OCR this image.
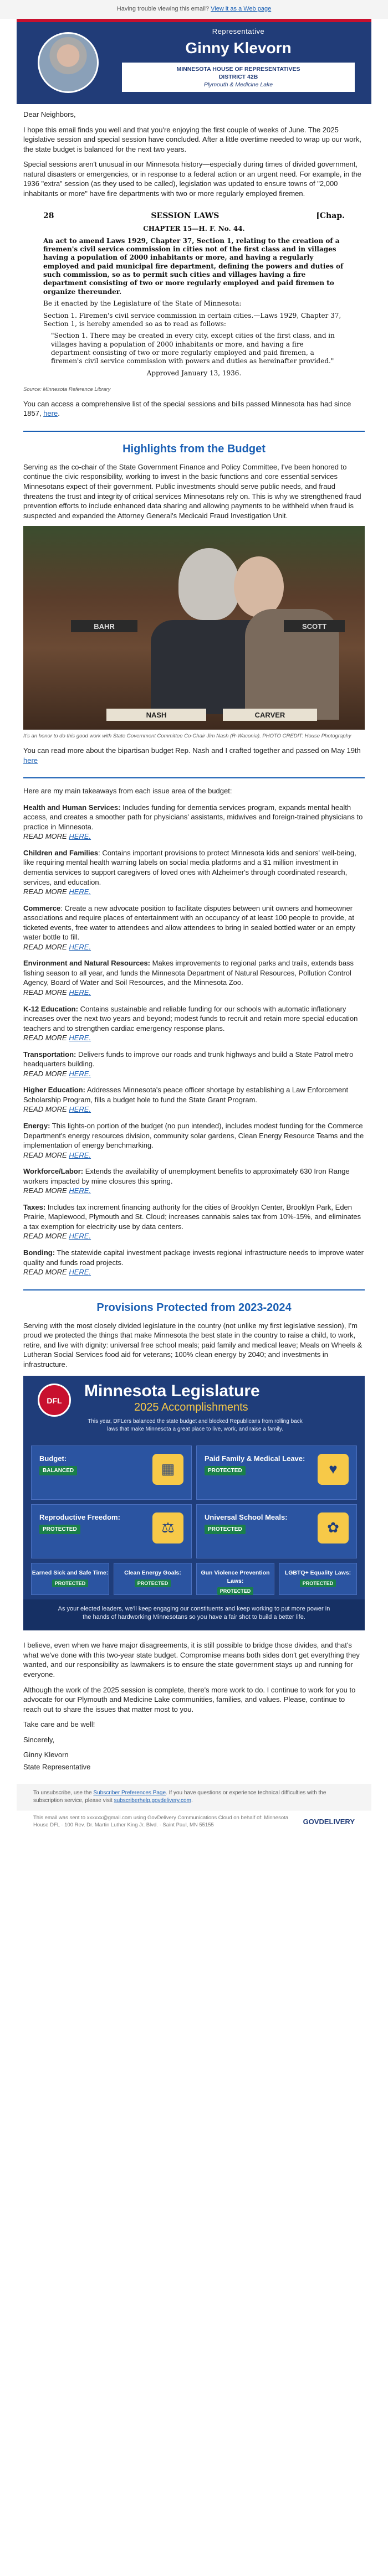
Having trouble viewing this email? View it as a Web page
Representative
Ginny Klevorn
MINNESOTA HOUSE OF REPRESENTATIVES
DISTRICT 42B
Plymouth & Medicine Lake

Dear Neighbors,

I hope this email finds you well and that you're enjoying the first couple of weeks of June. The 2025 legislative session and special session have concluded. After a little overtime needed to wrap up our work, the state budget is balanced for the next two years.

Special sessions aren't unusual in our Minnesota history—especially during times of divided government, natural disasters or emergencies, or in response to a federal action or an urgent need. For example, in the 1936 "extra" session (as they used to be called), legislation was updated to ensure towns of "2,000 inhabitants or more" have fire departments with two or more regularly employed firemen.

28	SESSION LAWS	[Chap.
CHAPTER 15—H. F. No. 44.
An act to amend Laws 1929, Chapter 37, Section 1, relating to the creation of a firemen's civil service commission in cities not of the first class and in villages having a population of 2000 inhabitants or more, and having a regularly employed and paid municipal fire department, defining the powers and duties of such commission, so as to permit such cities and villages having a fire department consisting of two or more regularly employed and paid firemen to organize thereunder.
Be it enacted by the Legislature of the State of Minnesota:
Section 1. Firemen's civil service commission in certain cities.—Laws 1929, Chapter 37, Section 1, is hereby amended so as to read as follows:
"Section 1. There may be created in every city, except cities of the first class, and in villages having a population of 2000 inhabitants or more, and having a fire department consisting of two or more regularly employed and paid firemen, a firemen's civil service commission with powers and duties as hereinafter provided."
Approved January 13, 1936.
Source: Minnesota Reference Library

You can access a comprehensive list of the special sessions and bills passed Minnesota has had since 1857, here.

Highlights from the Budget

Serving as the co-chair of the State Government Finance and Policy Committee, I've been honored to continue the civic responsibility, working to invest in the basic functions and core essential services Minnesotans expect of their government. Public investments should serve public needs, and fraud threatens the trust and integrity of critical services Minnesotans rely on. This is why we strengthened fraud prevention efforts to include enhanced data sharing and allowing payments to be withheld when fraud is suspected and expanded the Attorney General's Medicaid Fraud Investigation Unit.

BAHR	SCOTT
NASH	CARVER
It's an honor to do this good work with State Government Committee Co-Chair Jim Nash (R-Waconia). PHOTO CREDIT: House Photography

You can read more about the bipartisan budget Rep. Nash and I crafted together and passed on May 19th here

Here are my main takeaways from each issue area of the budget:

Health and Human Services: Includes funding for dementia services program, expands mental health access, and creates a smoother path for physicians' assistants, midwives and foreign-trained physicians to practice in Minnesota.
READ MORE HERE.
Children and Families: Contains important provisions to protect Minnesota kids and seniors' well-being, like requiring mental health warning labels on social media platforms and a $1 million investment in dementia services to support caregivers of loved ones with Alzheimer's through coordinated research, services, and education.
READ MORE HERE.
Commerce: Create a new advocate position to facilitate disputes between unit owners and homeowner associations and require places of entertainment with an occupancy of at least 100 people to provide, at ticketed events, free water to attendees and allow attendees to bring in sealed bottled water or an empty water bottle to fill.
READ MORE HERE.
Environment and Natural Resources: Makes improvements to regional parks and trails, extends bass fishing season to all year, and funds the Minnesota Department of Natural Resources, Pollution Control Agency, Board of Water and Soil Resources, and the Minnesota Zoo.
READ MORE HERE.
K-12 Education: Contains sustainable and reliable funding for our schools with automatic inflationary increases over the next two years and beyond; modest funds to recruit and retain more special education teachers and to strengthen cardiac emergency response plans.
READ MORE HERE.
Transportation: Delivers funds to improve our roads and trunk highways and build a State Patrol metro headquarters building.
READ MORE HERE.
Higher Education: Addresses Minnesota's peace officer shortage by establishing a Law Enforcement Scholarship Program, fills a budget hole to fund the State Grant Program.
READ MORE HERE.
Energy: This lights-on portion of the budget (no pun intended), includes modest funding for the Commerce Department's energy resources division, community solar gardens, Clean Energy Resource Teams and the implementation of energy benchmarking.
READ MORE HERE.
Workforce/Labor: Extends the availability of unemployment benefits to approximately 630 Iron Range workers impacted by mine closures this spring.
READ MORE HERE.
Taxes: Includes tax increment financing authority for the cities of Brooklyn Center, Brooklyn Park, Eden Prairie, Maplewood, Plymouth and St. Cloud; increases cannabis sales tax from 10%-15%, and eliminates a tax exemption for electricity use by data centers.
READ MORE HERE.
Bonding: The statewide capital investment package invests regional infrastructure needs to improve water quality and funds road projects.
READ MORE HERE.
Provisions Protected from 2023-2024

Serving with the most closely divided legislature in the country (not unlike my first legislative session), I'm proud we protected the things that make Minnesota the best state in the country to raise a child, to work, retire, and live with dignity: universal free school meals; paid family and medical leave; Meals on Wheels & Lutheran Social Services food aid for veterans; 100% clean energy by 2040; and investments in infrastructure.

DFL
Minnesota Legislature
2025 Accomplishments
This year, DFLers balanced the state budget and blocked Republicans from rolling back laws that make Minnesota a great place to live, work, and raise a family.
Budget:
BALANCED	▦
Paid Family & Medical Leave:
PROTECTED	♥
Reproductive Freedom:
PROTECTED	⚖
Universal School Meals:
PROTECTED	✿
Earned Sick and Safe Time:
PROTECTED
Clean Energy Goals:
PROTECTED
Gun Violence Prevention Laws:
PROTECTED
LGBTQ+ Equality Laws:
PROTECTED
As your elected leaders, we'll keep engaging our constituents and keep working to put more power in the hands of hardworking Minnesotans so you have a fair shot to build a better life.

I believe, even when we have major disagreements, it is still possible to bridge those divides, and that's what we've done with this two-year state budget. Compromise means both sides don't get everything they wanted, and our responsibility as lawmakers is to ensure the state government stays up and running for everyone.

Although the work of the 2025 session is complete, there's more work to do. I continue to work for you to advocate for our Plymouth and Medicine Lake communities, families, and values. Please, continue to reach out to share the issues that matter most to you.

Take care and be well!

Sincerely,

Ginny Klevorn

State Representative

To unsubscribe, use the Subscriber Preferences Page. If you have questions or experience technical difficulties with the subscription service, please visit subscriberhelp.govdelivery.com.
This email was sent to xxxxxx@gmail.com using GovDelivery Communications Cloud on behalf of: Minnesota House DFL · 100 Rev. Dr. Martin Luther King Jr. Blvd. · Saint Paul, MN 55155	GOVDELIVERY
